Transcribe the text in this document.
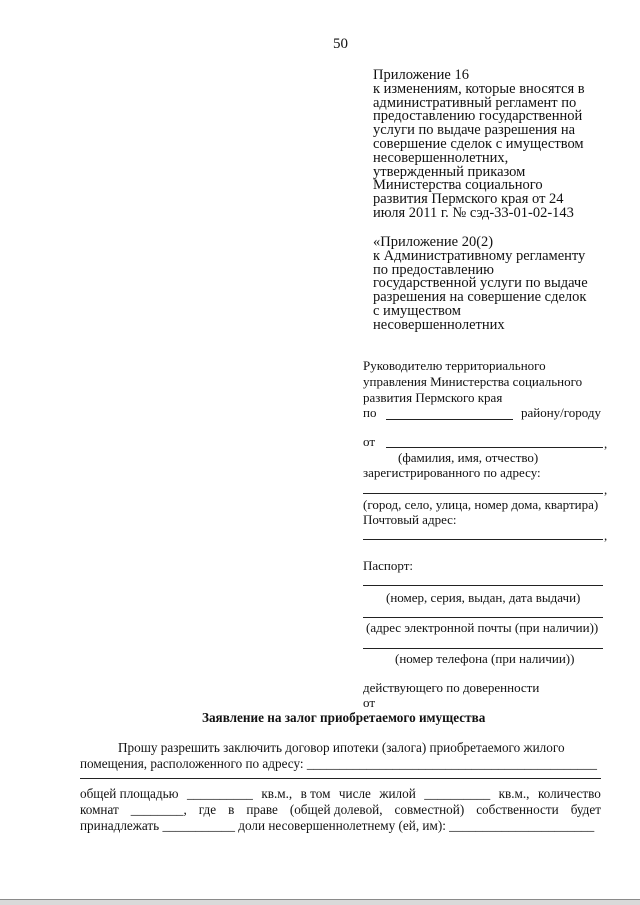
50
Приложение 16
к изменениям, которые вносятся в
административный регламент по
предоставлению государственной
услуги по выдаче разрешения на
совершение сделок с имуществом
несовершеннолетних,
утвержденный приказом
Министерства социального
развития Пермского края от 24
июля 2011 г. № сэд-33-01-02-143
«Приложение 20(2)
к Административному регламенту
по предоставлению
государственной услуги по выдаче
разрешения на совершение сделок
с имуществом
несовершеннолетних
Руководителю территориального
управления Министерства социального
развития Пермского края
по	району/городу
от	,
(фамилия, имя, отчество)
зарегистрированного по адресу:
,
(город, село, улица, номер дома, квартира)
Почтовый адрес:
,
Паспорт:
(номер, серия, выдан, дата выдачи)
(адрес электронной почты (при наличии))
(номер телефона (при наличии))
действующего по доверенности
от
Заявление на залог приобретаемого имущества
Прошу разрешить заключить договор ипотеки (залога) приобретаемого жилого
помещения, расположенного по адресу: ____________________________________________
общей площадью __________ кв.м., в том числе жилой __________ кв.м., количество
комнат ________, где в праве (общей долевой, совместной) собственности будет
принадлежать ___________ доли несовершеннолетнему (ей, им): ______________________
